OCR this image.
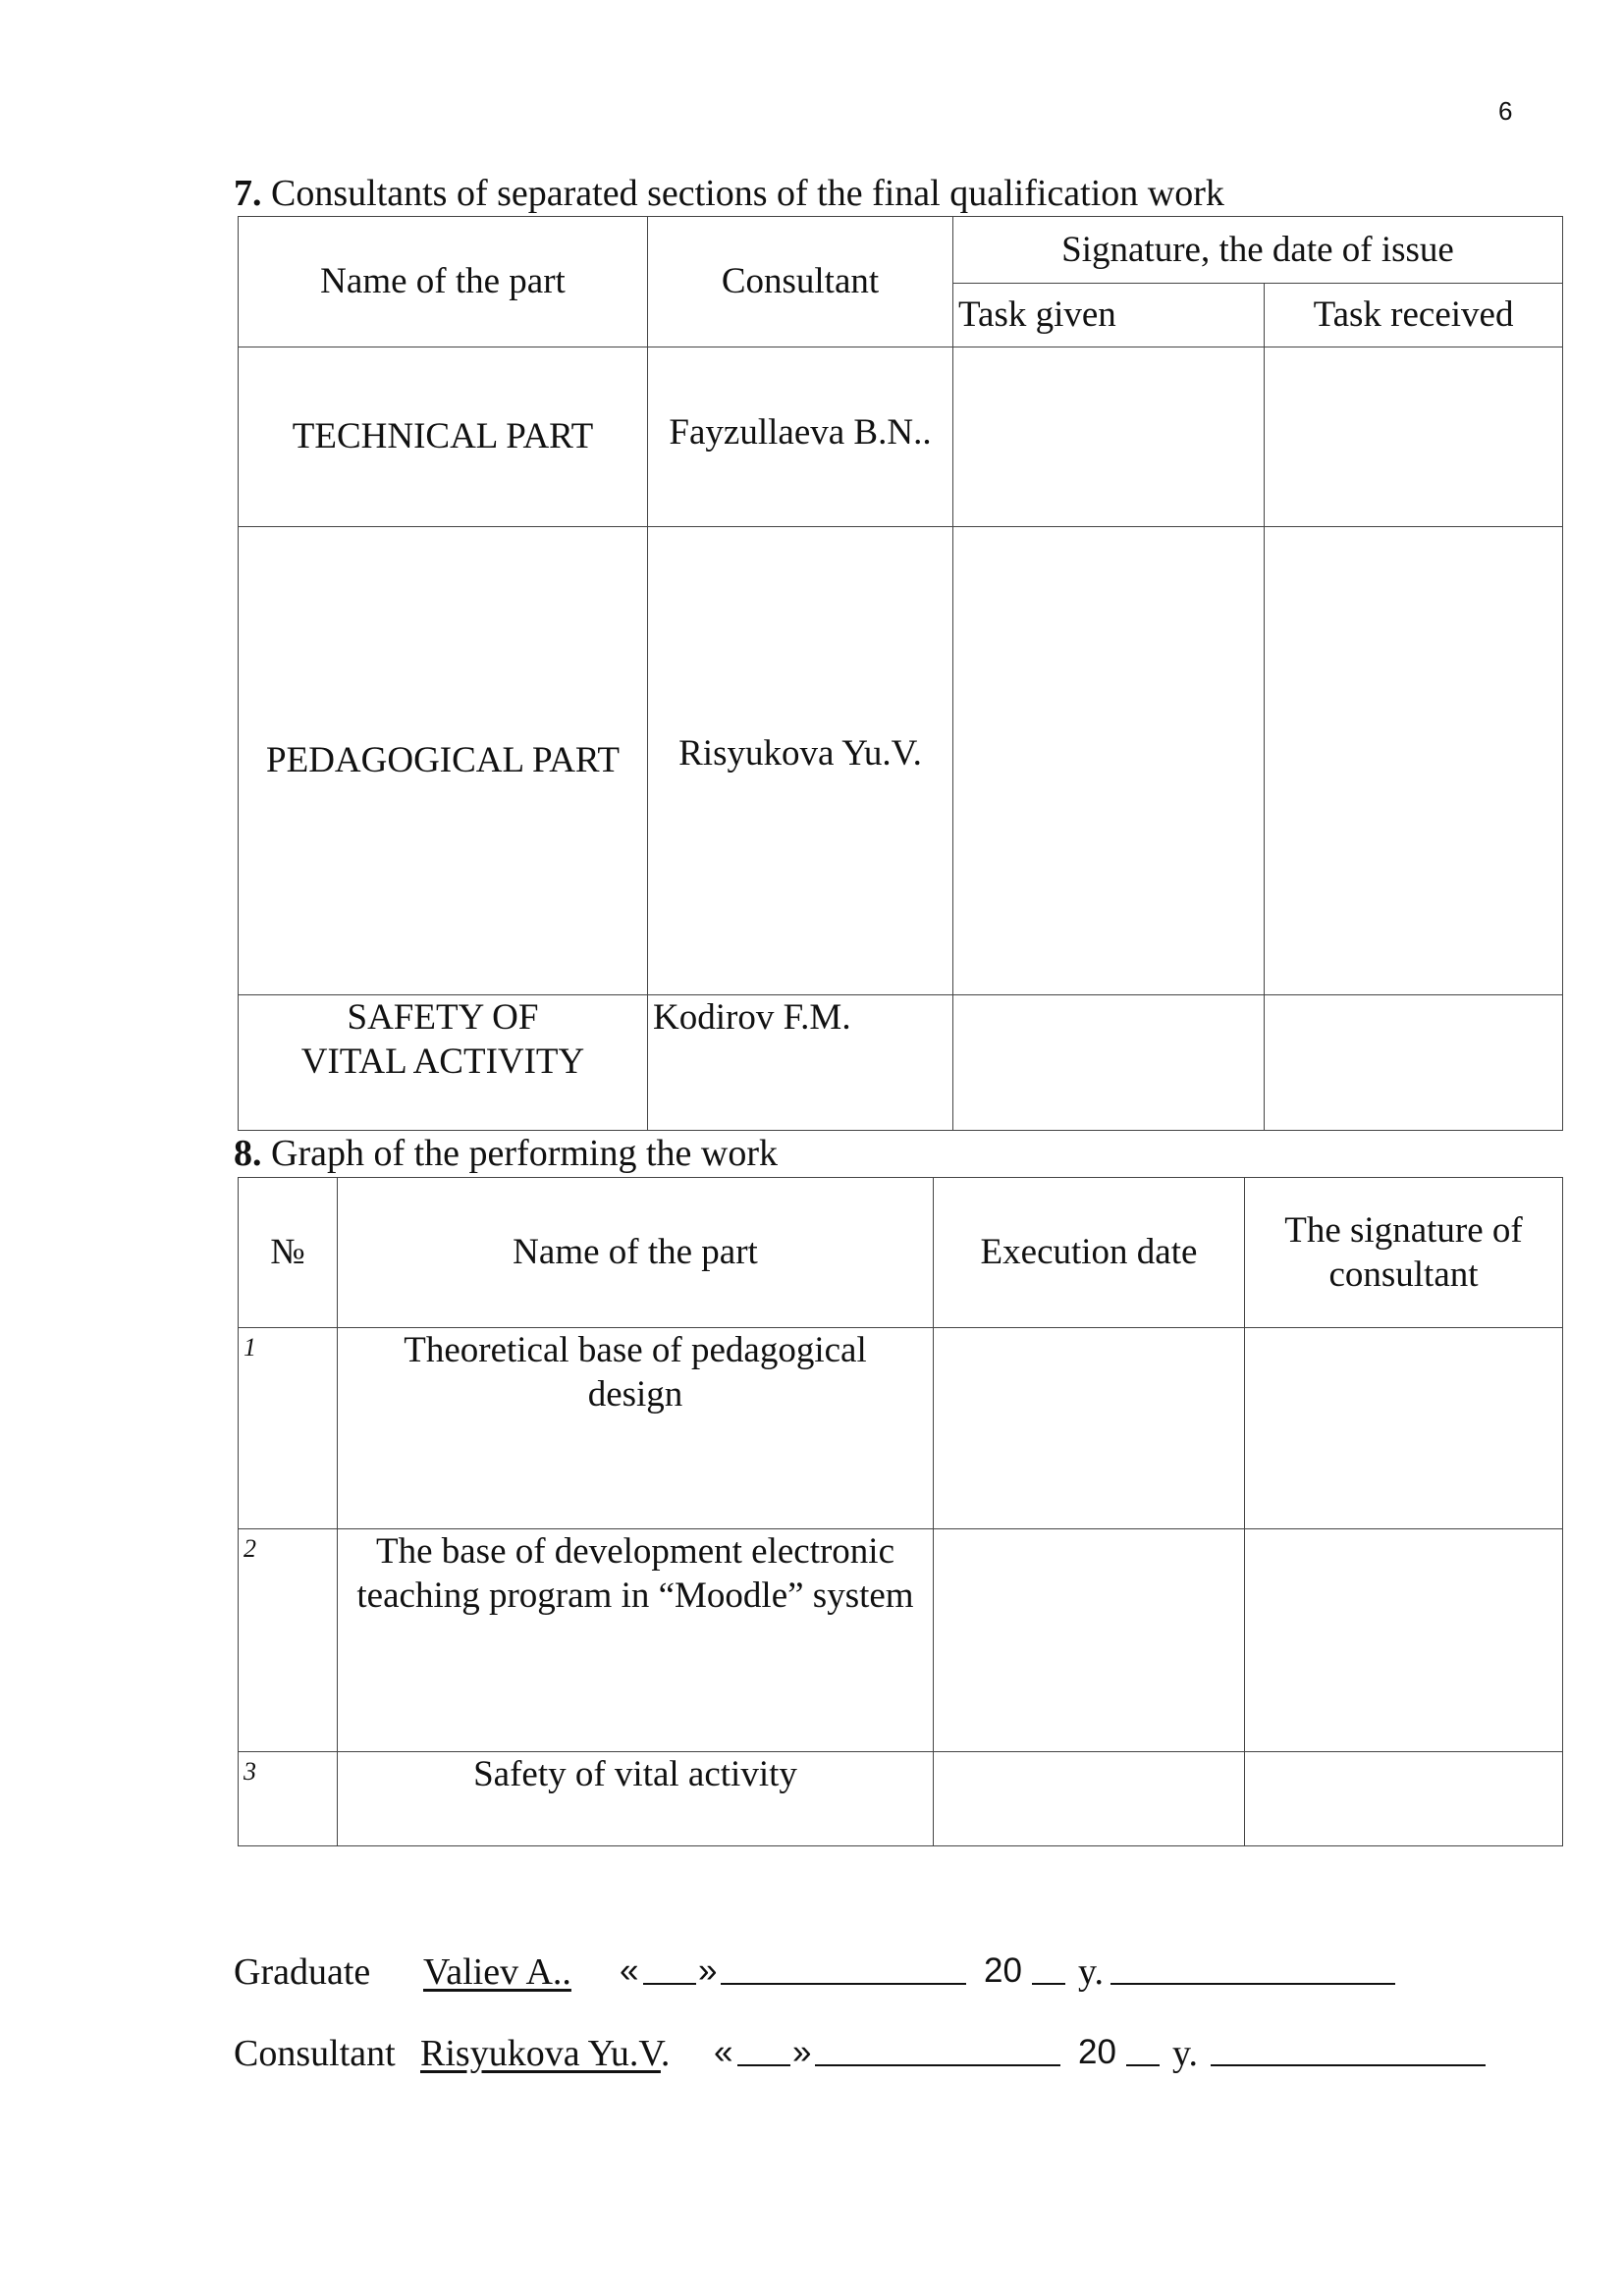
6
7. Consultants of separated sections of the final qualification work
Name of the part	Consultant	Signature, the date of issue	
		Task given	Task received
TECHNICAL PART	Fayzullaeva B.N..		
PEDAGOGICAL PART	Risyukova Yu.V.		
SAFETY OF VITAL ACTIVITY	Kodirov F.M.		
8. Graph of the performing the work
№	Name of the part	Execution date	The signature of consultant
1	Theoretical base of pedagogical design		
2	The base of development electronic teaching program in “Moodle” system		
3	Safety of vital activity		
Graduate Valiev A.. « »	20 y.
Consultant Risyukova Yu.V. « »	20 y.
